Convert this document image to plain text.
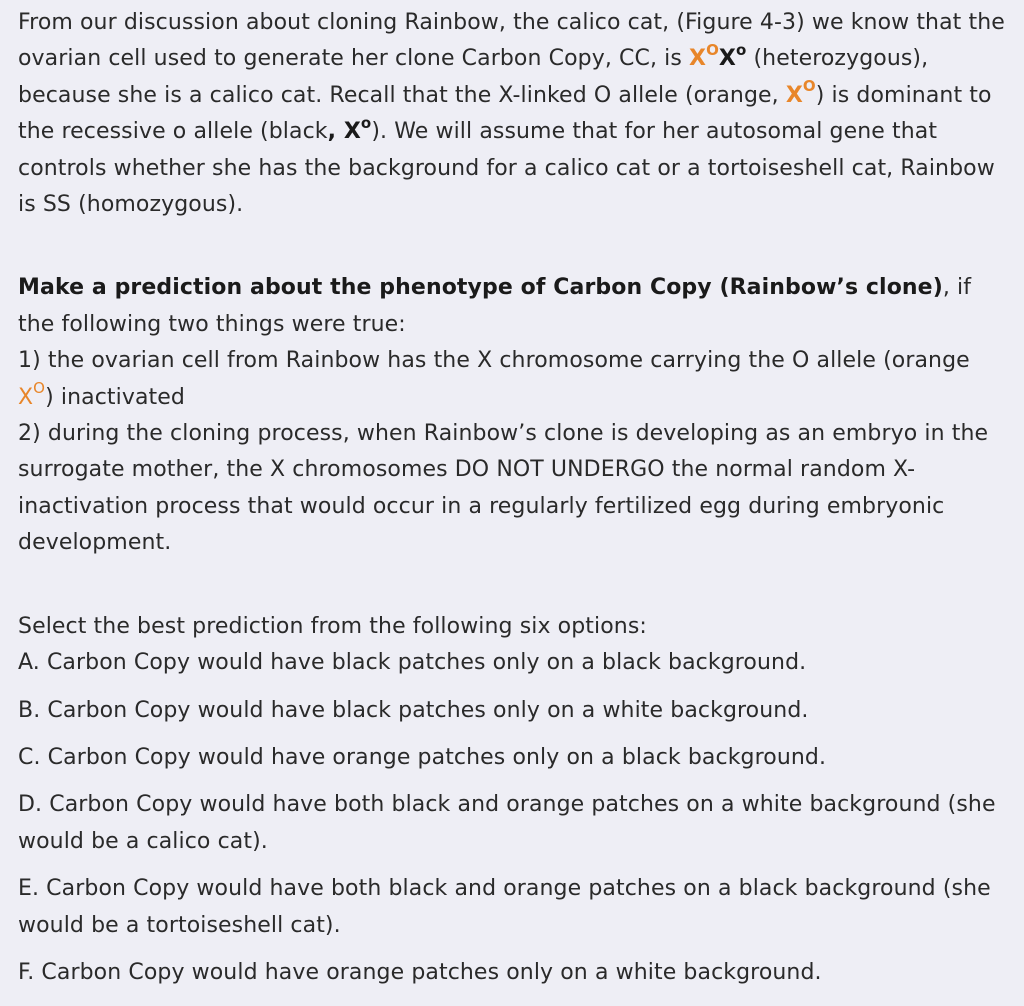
From our discussion about cloning Rainbow, the calico cat, (Figure 4-3) we know that the ovarian cell used to generate her clone Carbon Copy, CC, is $X^OX^o$ (heterozygous), because she is a calico cat. Recall that the X-linked O allele (orange, $X^O$) is dominant to the recessive o allele (black, $X^o$). We will assume that for her autosomal gene that controls whether she has the background for a calico cat or a tortoiseshell cat, Rainbow is SS (homozygous).

Make a prediction about the phenotype of Carbon Copy (Rainbow’s clone), if the following two things were true:
1) the ovarian cell from Rainbow has the X chromosome carrying the O allele (orange $X^O$) inactivated
2) during the cloning process, when Rainbow’s clone is developing as an embryo in the surrogate mother, the X chromosomes DO NOT UNDERGO the normal random X-inactivation process that would occur in a regularly fertilized egg during embryonic development.

Select the best prediction from the following six options:

A. Carbon Copy would have black patches only on a black background.

B. Carbon Copy would have black patches only on a white background.

C. Carbon Copy would have orange patches only on a black background.

D. Carbon Copy would have both black and orange patches on a white background (she would be a calico cat).

E. Carbon Copy would have both black and orange patches on a black background (she would be a tortoiseshell cat).

F. Carbon Copy would have orange patches only on a white background.
